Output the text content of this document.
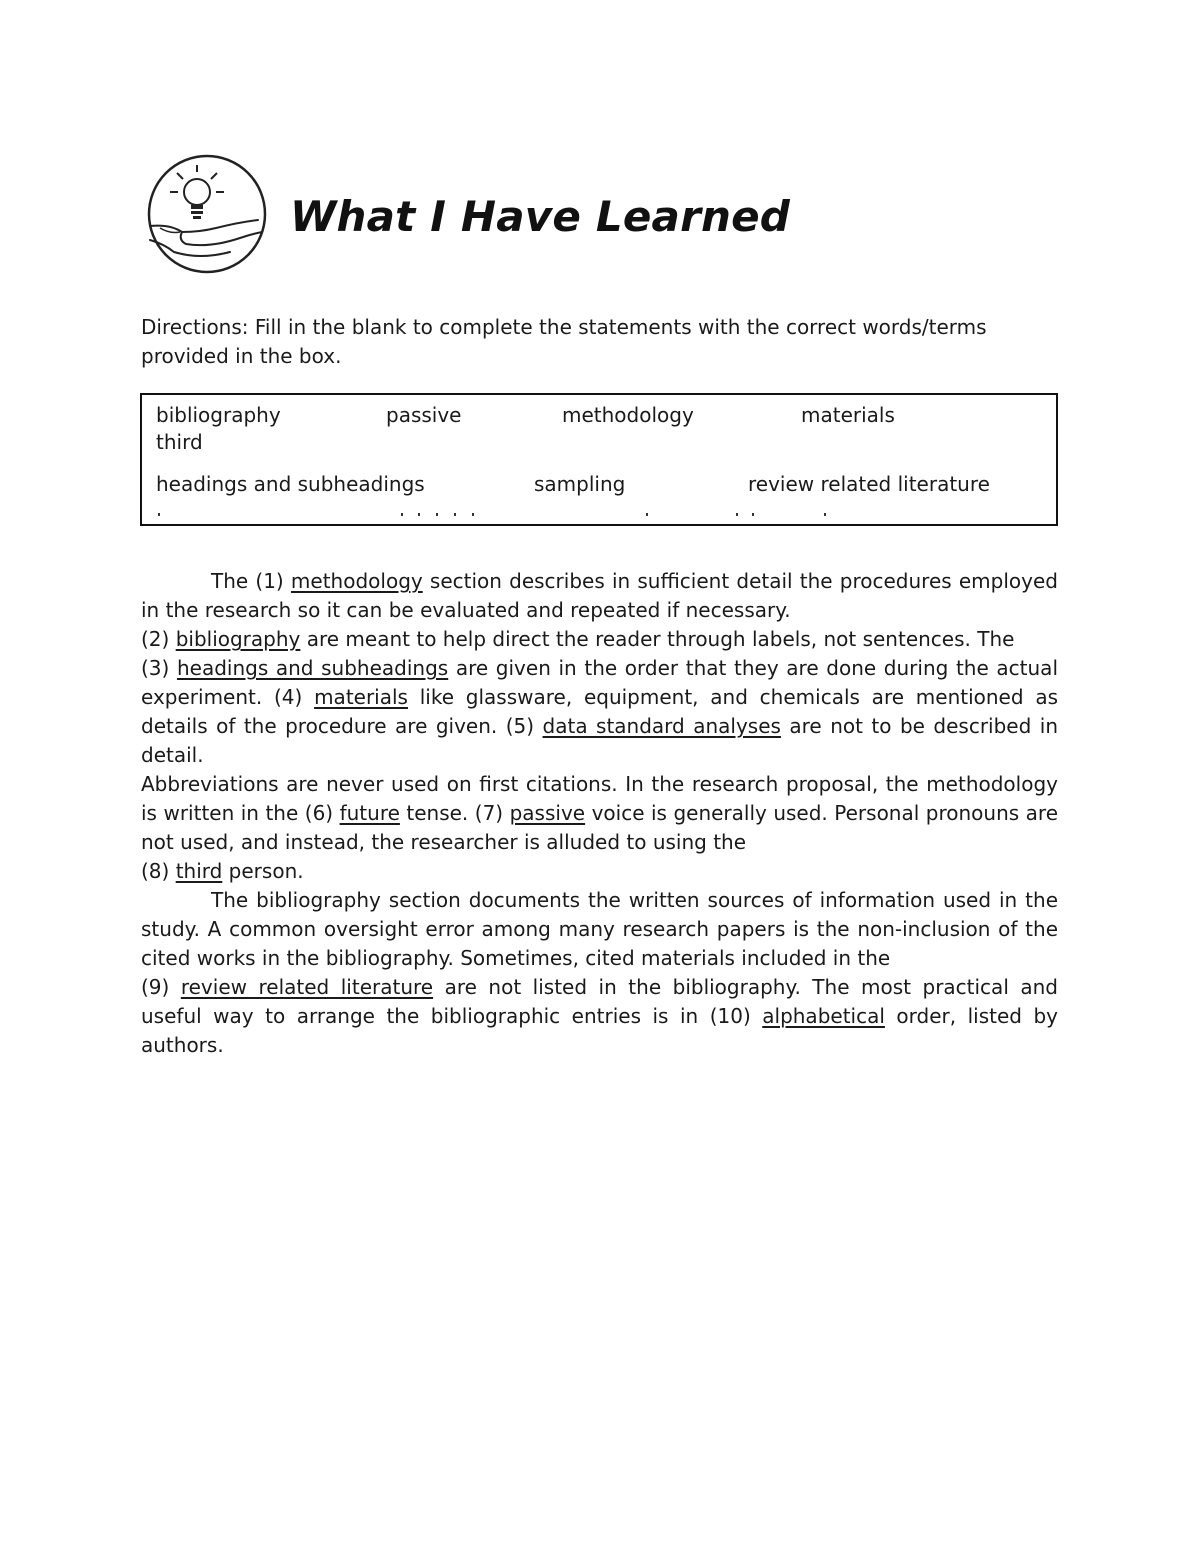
What I Have Learned

Directions: Fill in the blank to complete the statements with the correct words/terms provided in the box.

bibliography	passive	methodology	materials
third
headings and subheadings	sampling	review related literature

The (1) methodology section describes in sufficient detail the procedures employed in the research so it can be evaluated and repeated if necessary.

(2) bibliography are meant to help direct the reader through labels, not sentences. The

(3) headings and subheadings are given in the order that they are done during the actual experiment. (4) materials like glassware, equipment, and chemicals are mentioned as details of the procedure are given. (5) data standard analyses are not to be described in detail.

Abbreviations are never used on first citations. In the research proposal, the methodology is written in the (6) future tense. (7) passive voice is generally used. Personal pronouns are not used, and instead, the researcher is alluded to using the

(8) third person.

The bibliography section documents the written sources of information used in the study. A common oversight error among many research papers is the non-inclusion of the cited works in the bibliography. Sometimes, cited materials included in the

(9) review related literature are not listed in the bibliography. The most practical and useful way to arrange the bibliographic entries is in (10) alphabetical order, listed by authors.
